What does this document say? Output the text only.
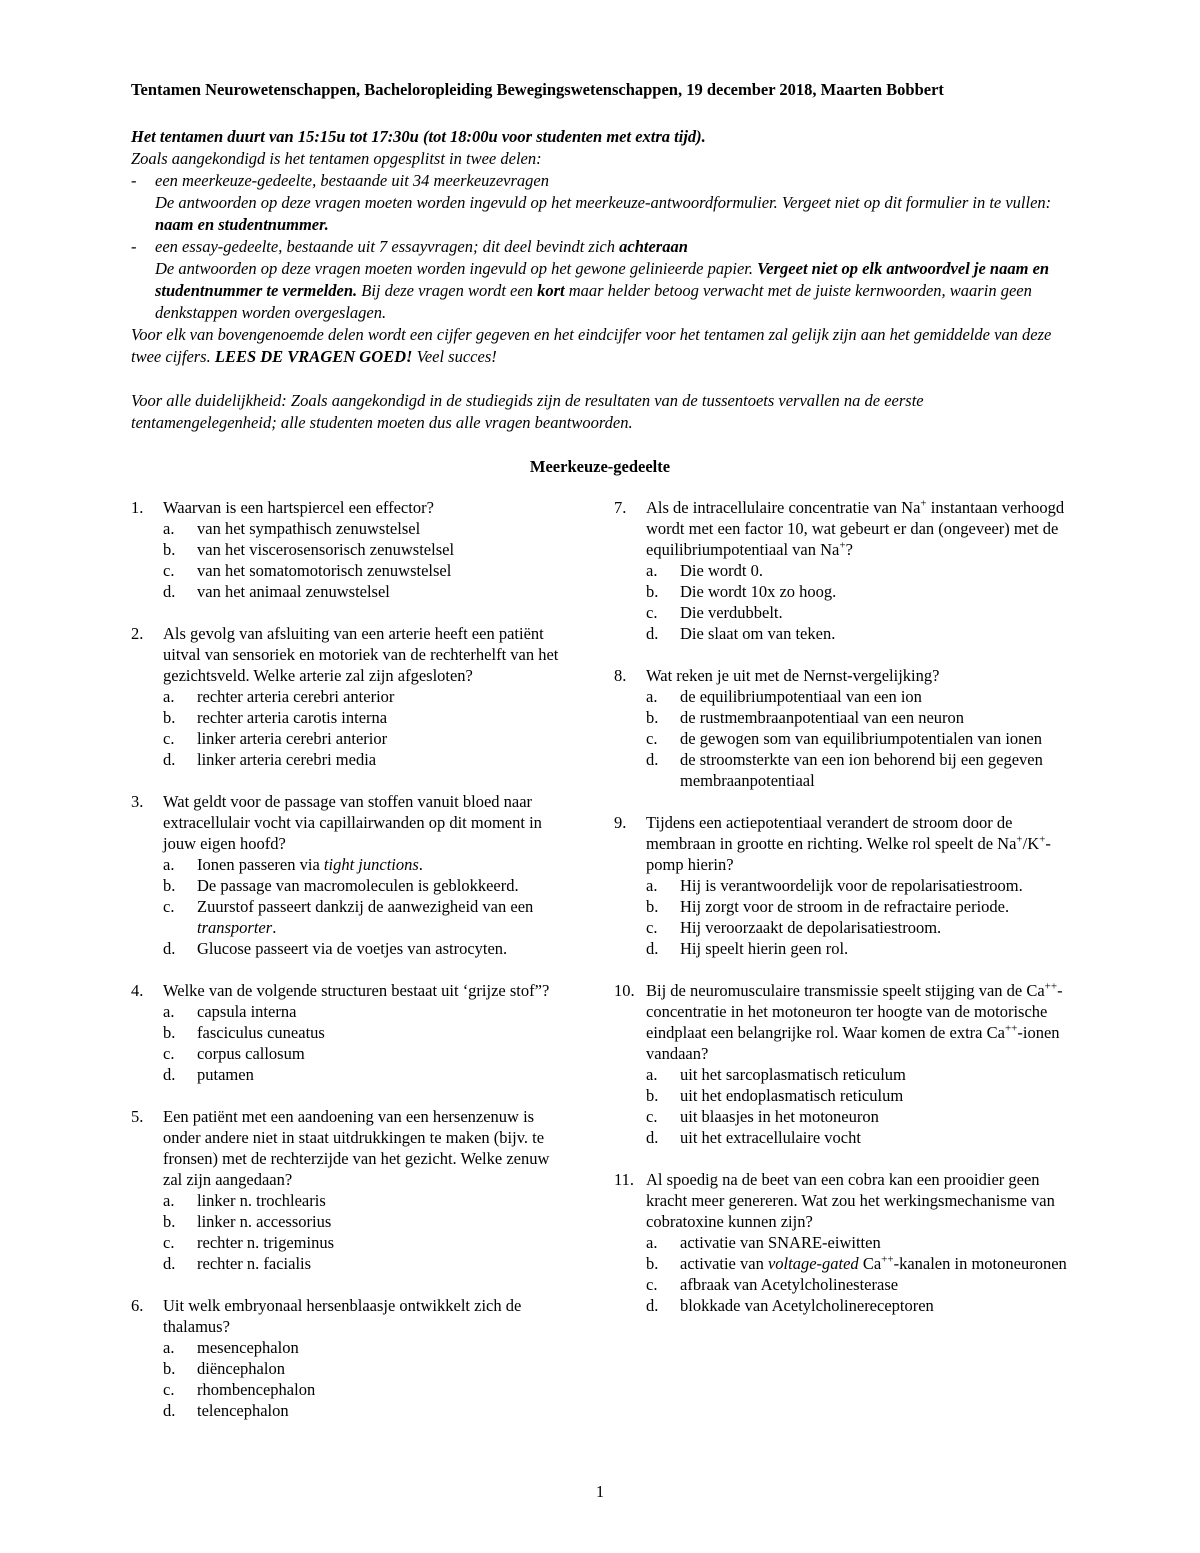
Tentamen Neurowetenschappen, Bacheloropleiding Bewegingswetenschappen, 19 december 2018, Maarten Bobbert

Het tentamen duurt van 15:15u tot 17:30u (tot 18:00u voor studenten met extra tijd).

Zoals aangekondigd is het tentamen opgesplitst in twee delen:

-	een meerkeuze-gedeelte, bestaande uit 34 meerkeuzevragen

De antwoorden op deze vragen moeten worden ingevuld op het meerkeuze-antwoordformulier. Vergeet niet op dit formulier in te vullen: naam en studentnummer.

-	een essay-gedeelte, bestaande uit 7 essayvragen; dit deel bevindt zich achteraan

De antwoorden op deze vragen moeten worden ingevuld op het gewone gelinieerde papier. Vergeet niet op elk antwoordvel je naam en studentnummer te vermelden. Bij deze vragen wordt een kort maar helder betoog verwacht met de juiste kernwoorden, waarin geen denkstappen worden overgeslagen.

Voor elk van bovengenoemde delen wordt een cijfer gegeven en het eindcijfer voor het tentamen zal gelijk zijn aan het gemiddelde van deze twee cijfers. LEES DE VRAGEN GOED! Veel succes!

Voor alle duidelijkheid: Zoals aangekondigd in de studiegids zijn de resultaten van de tussentoets vervallen na de eerste tentamengelegenheid; alle studenten moeten dus alle vragen beantwoorden.

Meerkeuze-gedeelte
1.	Waarvan is een hartspiercel een effector?
a.	van het sympathisch zenuwstelsel
b.	van het viscerosensorisch zenuwstelsel
c.	van het somatomotorisch zenuwstelsel
d.	van het animaal zenuwstelsel
2.	Als gevolg van afsluiting van een arterie heeft een patiënt uitval van sensoriek en motoriek van de rechterhelft van het gezichtsveld. Welke arterie zal zijn afgesloten?
a.	rechter arteria cerebri anterior
b.	rechter arteria carotis interna
c.	linker arteria cerebri anterior
d.	linker arteria cerebri media
3.	Wat geldt voor de passage van stoffen vanuit bloed naar extracellulair vocht via capillairwanden op dit moment in jouw eigen hoofd?
a.	Ionen passeren via tight junctions.
b.	De passage van macromoleculen is geblokkeerd.
c.	Zuurstof passeert dankzij de aanwezigheid van een transporter.
d.	Glucose passeert via de voetjes van astrocyten.
4.	Welke van de volgende structuren bestaat uit ‘grijze stof”?
a.	capsula interna
b.	fasciculus cuneatus
c.	corpus callosum
d.	putamen
5.	Een patiënt met een aandoening van een hersenzenuw is onder andere niet in staat uitdrukkingen te maken (bijv. te fronsen) met de rechterzijde van het gezicht. Welke zenuw zal zijn aangedaan?
a.	linker n. trochlearis
b.	linker n. accessorius
c.	rechter n. trigeminus
d.	rechter n. facialis
6.	Uit welk embryonaal hersenblaasje ontwikkelt zich de thalamus?
a.	mesencephalon
b.	diëncephalon
c.	rhombencephalon
d.	telencephalon
7.	Als de intracellulaire concentratie van Na+ instantaan verhoogd wordt met een factor 10, wat gebeurt er dan (ongeveer) met de equilibriumpotentiaal van Na+?
a.	Die wordt 0.
b.	Die wordt 10x zo hoog.
c.	Die verdubbelt.
d.	Die slaat om van teken.
8.	Wat reken je uit met de Nernst-vergelijking?
a.	de equilibriumpotentiaal van een ion
b.	de rustmembraanpotentiaal van een neuron
c.	de gewogen som van equilibriumpotentialen van ionen
d.	de stroomsterkte van een ion behorend bij een gegeven membraanpotentiaal
9.	Tijdens een actiepotentiaal verandert de stroom door de membraan in grootte en richting. Welke rol speelt de Na+/K+-pomp hierin?
a.	Hij is verantwoordelijk voor de repolarisatiestroom.
b.	Hij zorgt voor de stroom in de refractaire periode.
c.	Hij veroorzaakt de depolarisatiestroom.
d.	Hij speelt hierin geen rol.
10. Bij de neuromusculaire transmissie speelt stijging van de Ca++-concentratie in het motoneuron ter hoogte van de motorische eindplaat een belangrijke rol. Waar komen de extra Ca++-ionen vandaan?
a.	uit het sarcoplasmatisch reticulum
b.	uit het endoplasmatisch reticulum
c.	uit blaasjes in het motoneuron
d.	uit het extracellulaire vocht
11. Al spoedig na de beet van een cobra kan een prooidier geen kracht meer genereren. Wat zou het werkingsmechanisme van cobratoxine kunnen zijn?
a.	activatie van SNARE-eiwitten
b.	activatie van voltage-gated Ca++-kanalen in motoneuronen
c.	afbraak van Acetylcholinesterase
d.	blokkade van Acetylcholinereceptoren
1
